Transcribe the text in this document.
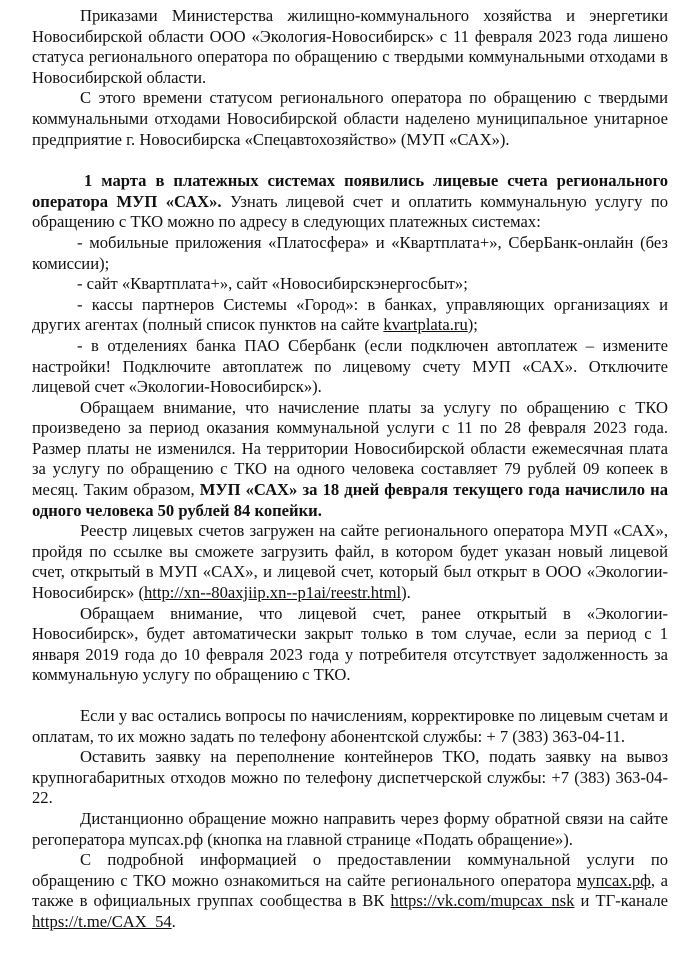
Приказами Министерства жилищно-коммунального хозяйства и энергетики Новосибирской области ООО «Экология-Новосибирск» с 11 февраля 2023 года лишено статуса регионального оператора по обращению с твердыми коммунальными отходами в Новосибирской области.

С этого времени статусом регионального оператора по обращению с твердыми коммунальными отходами Новосибирской области наделено муниципальное унитарное предприятие г. Новосибирска «Спецавтохозяйство» (МУП «САХ»).

1 марта в платежных системах появились лицевые счета регионального оператора МУП «САХ». Узнать лицевой счет и оплатить коммунальную услугу по обращению с ТКО можно по адресу в следующих платежных системах:

- мобильные приложения «Платосфера» и «Квартплата+», СберБанк-онлайн (без комиссии);

- сайт «Квартплата+», сайт «Новосибирскэнергосбыт»;

- кассы партнеров Системы «Город»: в банках, управляющих организациях и других агентах (полный список пунктов на сайте kvartplata.ru);

- в отделениях банка ПАО Сбербанк (если подключен автоплатеж – измените настройки! Подключите автоплатеж по лицевому счету МУП «САХ». Отключите лицевой счет «Экологии-Новосибирск»).

Обращаем внимание, что начисление платы за услугу по обращению с ТКО произведено за период оказания коммунальной услуги с 11 по 28 февраля 2023 года. Размер платы не изменился. На территории Новосибирской области ежемесячная плата за услугу по обращению с ТКО на одного человека составляет 79 рублей 09 копеек в месяц. Таким образом, МУП «САХ» за 18 дней февраля текущего года начислило на одного человека 50 рублей 84 копейки.

Реестр лицевых счетов загружен на сайте регионального оператора МУП «САХ», пройдя по ссылке вы сможете загрузить файл, в котором будет указан новый лицевой счет, открытый в МУП «САХ», и лицевой счет, который был открыт в ООО «Экологии-Новосибирск» (http://xn--80axjiip.xn--p1ai/reestr.html).

Обращаем внимание, что лицевой счет, ранее открытый в «Экологии-Новосибирск», будет автоматически закрыт только в том случае, если за период с 1 января 2019 года до 10 февраля 2023 года у потребителя отсутствует задолженность за коммунальную услугу по обращению с ТКО.

Если у вас остались вопросы по начислениям, корректировке по лицевым счетам и оплатам, то их можно задать по телефону абонентской службы: + 7 (383) 363-04-11.

Оставить заявку на переполнение контейнеров ТКО, подать заявку на вывоз крупногабаритных отходов можно по телефону диспетчерской службы: +7 (383) 363-04-22.

Дистанционно обращение можно направить через форму обратной связи на сайте регоператора мупсах.рф (кнопка на главной странице «Подать обращение»).

С подробной информацией о предоставлении коммунальной услуги по обращению с ТКО можно ознакомиться на сайте регионального оператора мупсах.рф, а также в официальных группах сообщества в ВК https://vk.com/mupcax_nsk и ТГ-канале https://t.me/CAX_54.
